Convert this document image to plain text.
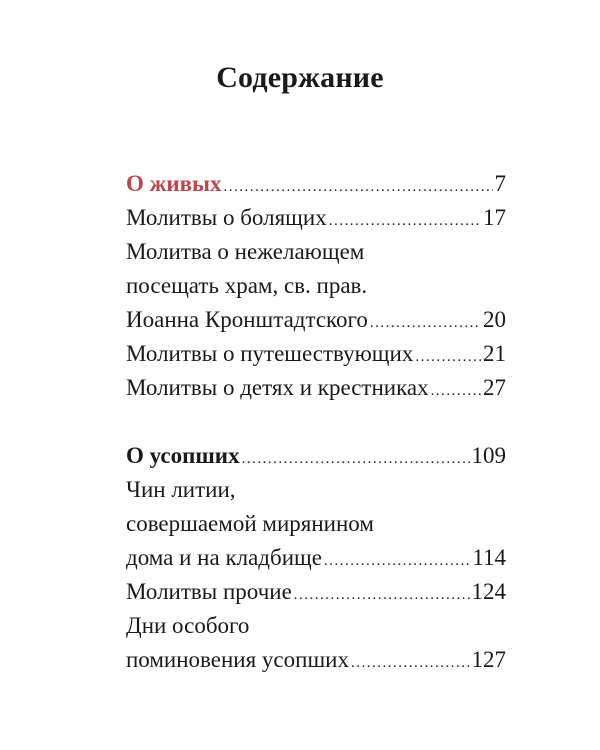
Содержание
О живых .....	7
Молитвы о болящих .....	17
Молитва о нежелающем
посещать храм, св. прав.
Иоанна Кронштадтского .....	20
Молитвы о путешествующих .....	21
Молитвы о детях и крестниках ..... 27
О усопших .....	109
Чин литии,
совершаемой мирянином
дома и на кладбище .....	114
Молитвы прочие .....	124
Дни особого
поминовения усопших .....	127
